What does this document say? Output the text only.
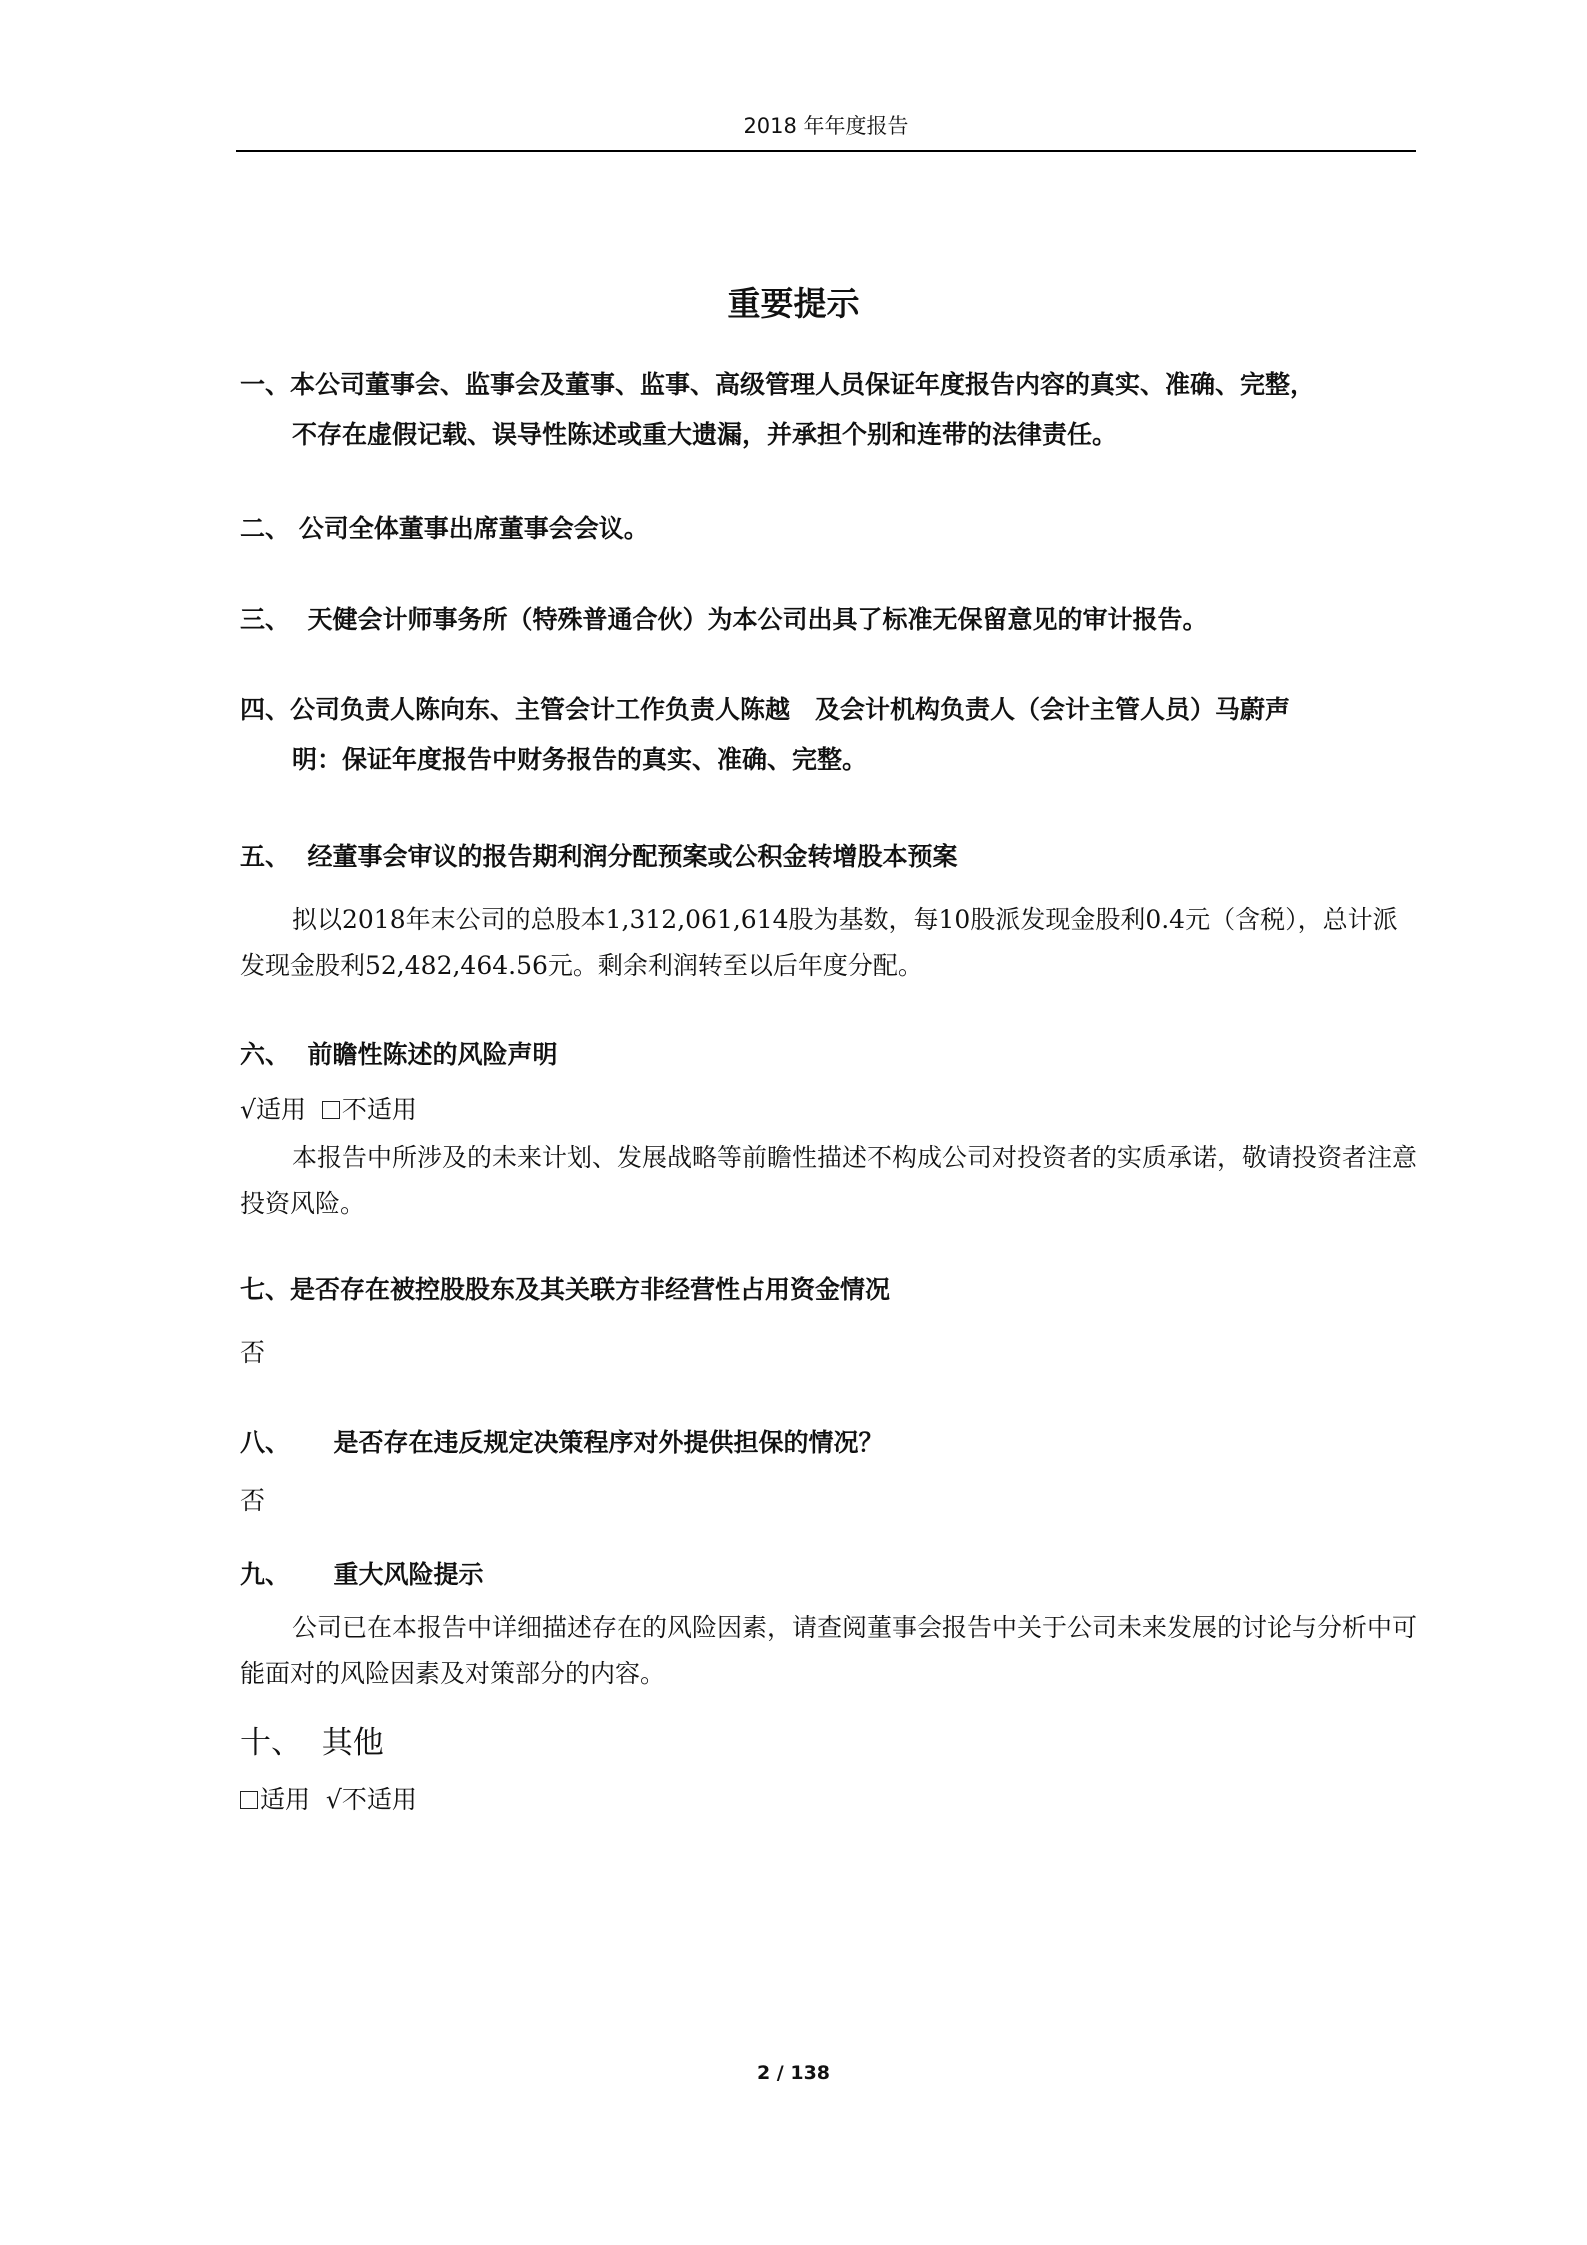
2018 年年度报告
重要提示
一、本公司董事会、监事会及董事、监事、高级管理人员保证年度报告内容的真实、准确、完整，
不存在虚假记载、误导性陈述或重大遗漏，并承担个别和连带的法律责任。
二、 公司全体董事出席董事会会议。
三、 天健会计师事务所（特殊普通合伙）为本公司出具了标准无保留意见的审计报告。
四、公司负责人陈向东、主管会计工作负责人陈越　及会计机构负责人（会计主管人员）马蔚声
明：保证年度报告中财务报告的真实、准确、完整。
五、 经董事会审议的报告期利润分配预案或公积金转增股本预案

拟以2018年末公司的总股本1,312,061,614股为基数，每10股派发现金股利0.4元（含税），总计派发现金股利52,482,464.56元。剩余利润转至以后年度分配。

六、 前瞻性陈述的风险声明
√适用 不适用

本报告中所涉及的未来计划、发展战略等前瞻性描述不构成公司对投资者的实质承诺，敬请投资者注意投资风险。

七、是否存在被控股股东及其关联方非经营性占用资金情况

否

八、 是否存在违反规定决策程序对外提供担保的情况？

否

九、 重大风险提示

公司已在本报告中详细描述存在的风险因素，请查阅董事会报告中关于公司未来发展的讨论与分析中可能面对的风险因素及对策部分的内容。

十、 其他
适用 √不适用
2 / 138
